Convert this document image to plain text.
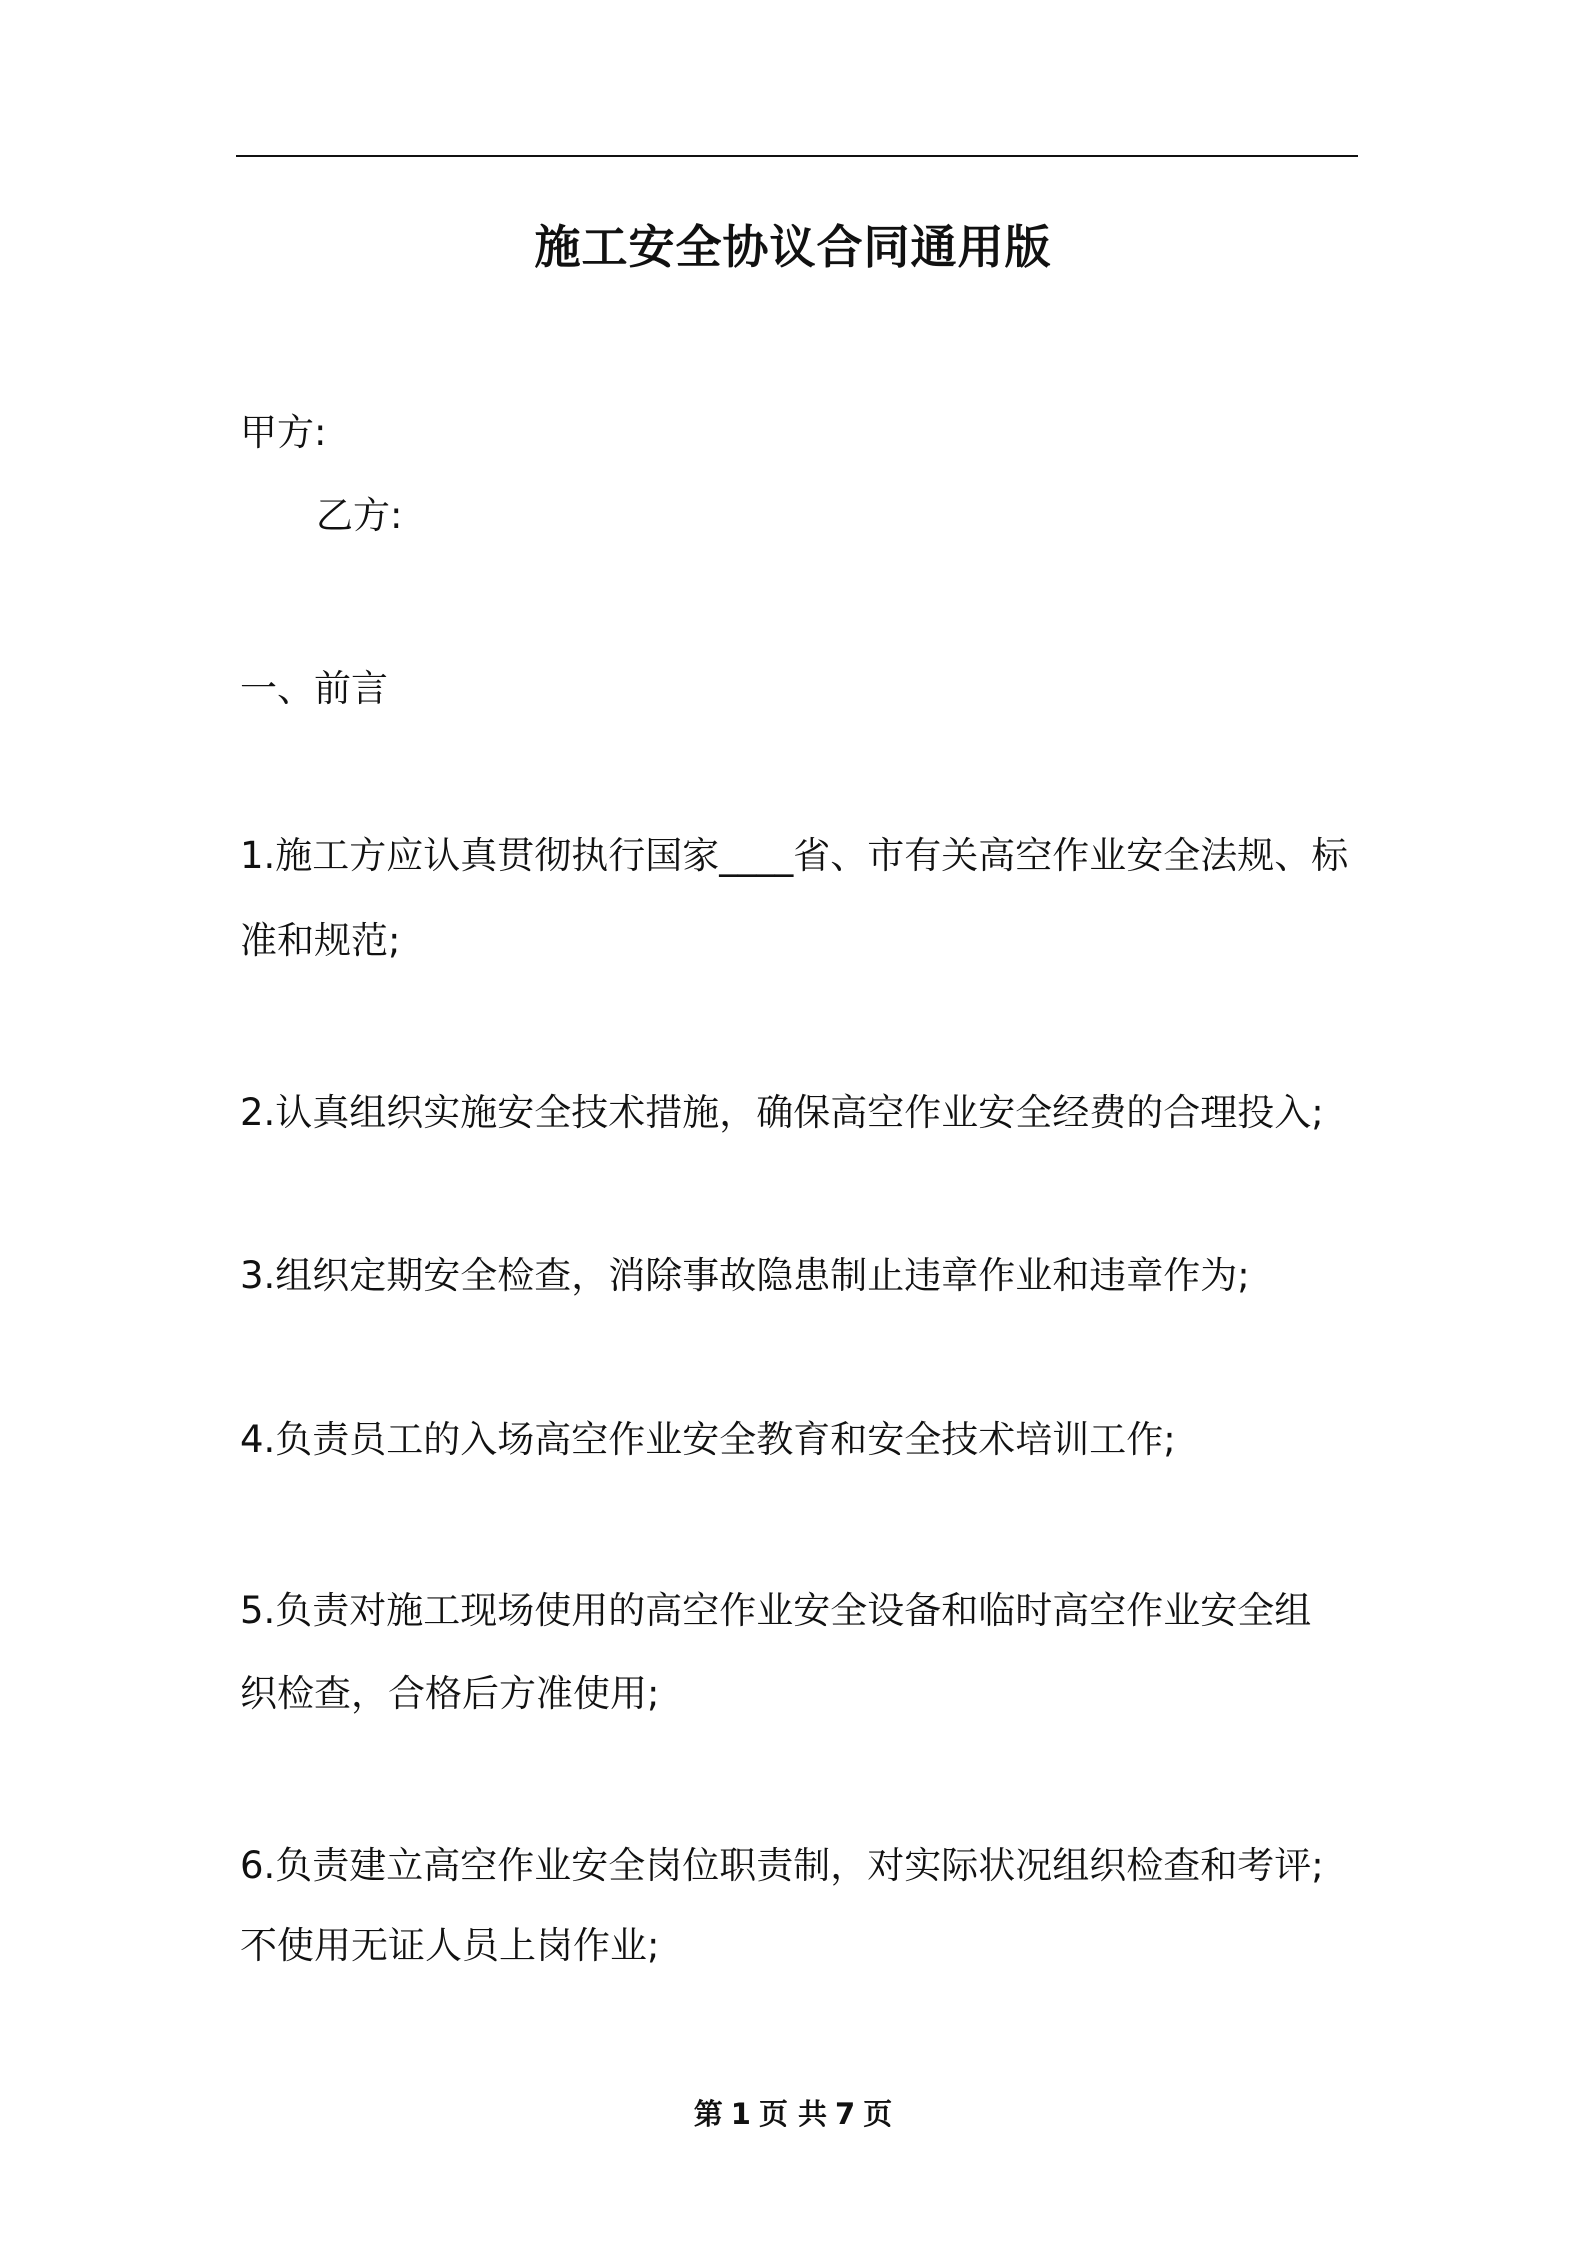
施工安全协议合同通用版
甲方:
乙方:
一、前言
1.施工方应认真贯彻执行国家____省、市有关高空作业安全法规、标
准和规范;
2.认真组织实施安全技术措施，确保高空作业安全经费的合理投入;
3.组织定期安全检查，消除事故隐患制止违章作业和违章作为;
4.负责员工的入场高空作业安全教育和安全技术培训工作;
5.负责对施工现场使用的高空作业安全设备和临时高空作业安全组
织检查，合格后方准使用;
6.负责建立高空作业安全岗位职责制，对实际状况组织检查和考评;
不使用无证人员上岗作业;
第 1 页 共 7 页
